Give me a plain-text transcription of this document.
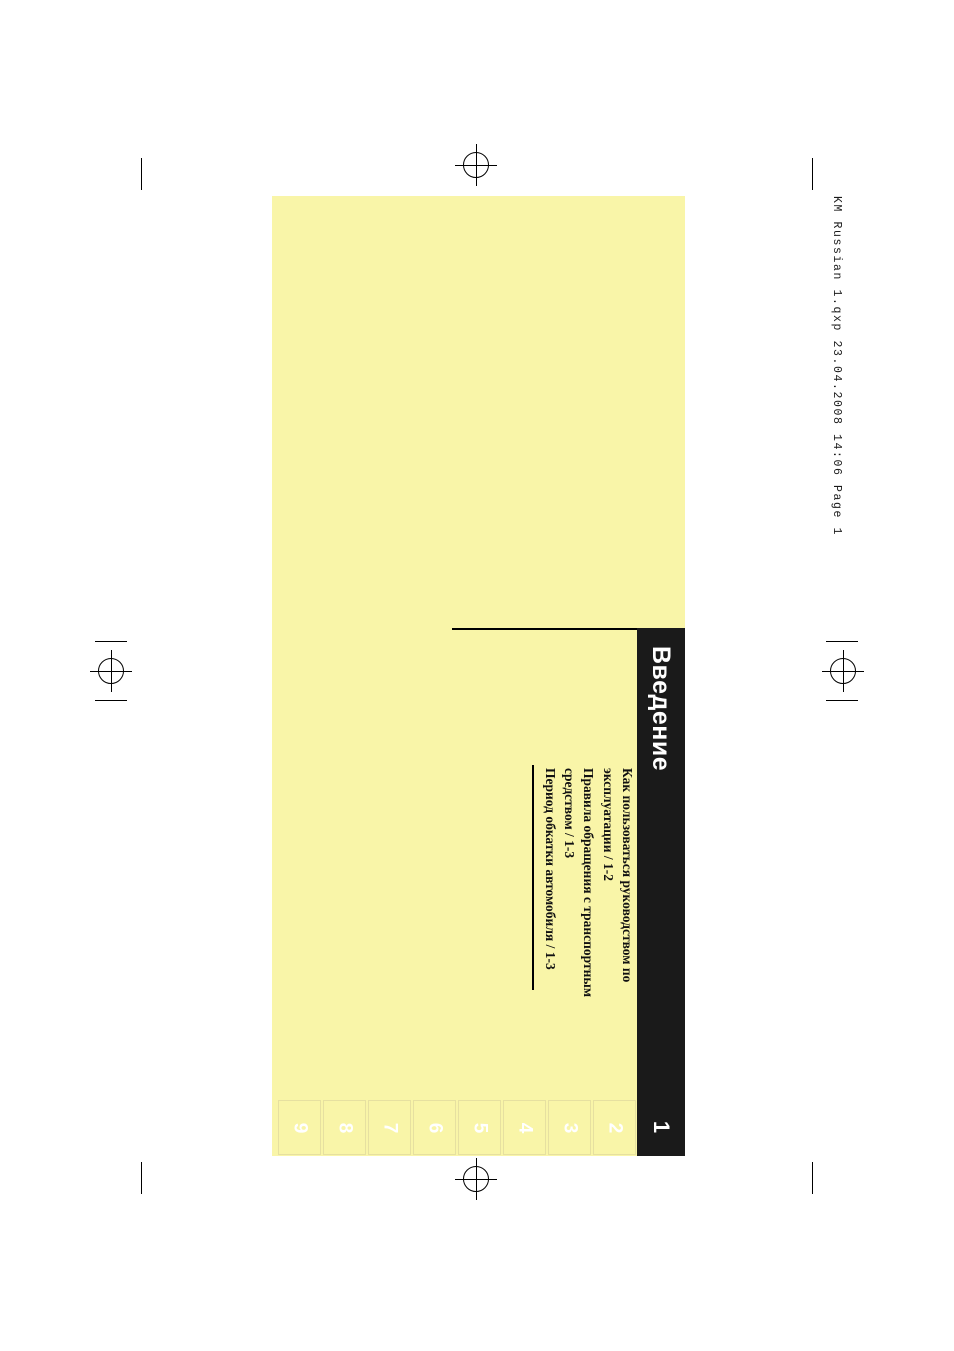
KM Russian 1.qxp 23.04.2008 14:06 Page 1
Введение
1
Как пользоваться руководством по
эксплуатации / 1-2
Правила обращения с транспортным
средством / 1-3
Период обкатки автомобиля / 1-3
2
3
4
5
6
7
8
9
